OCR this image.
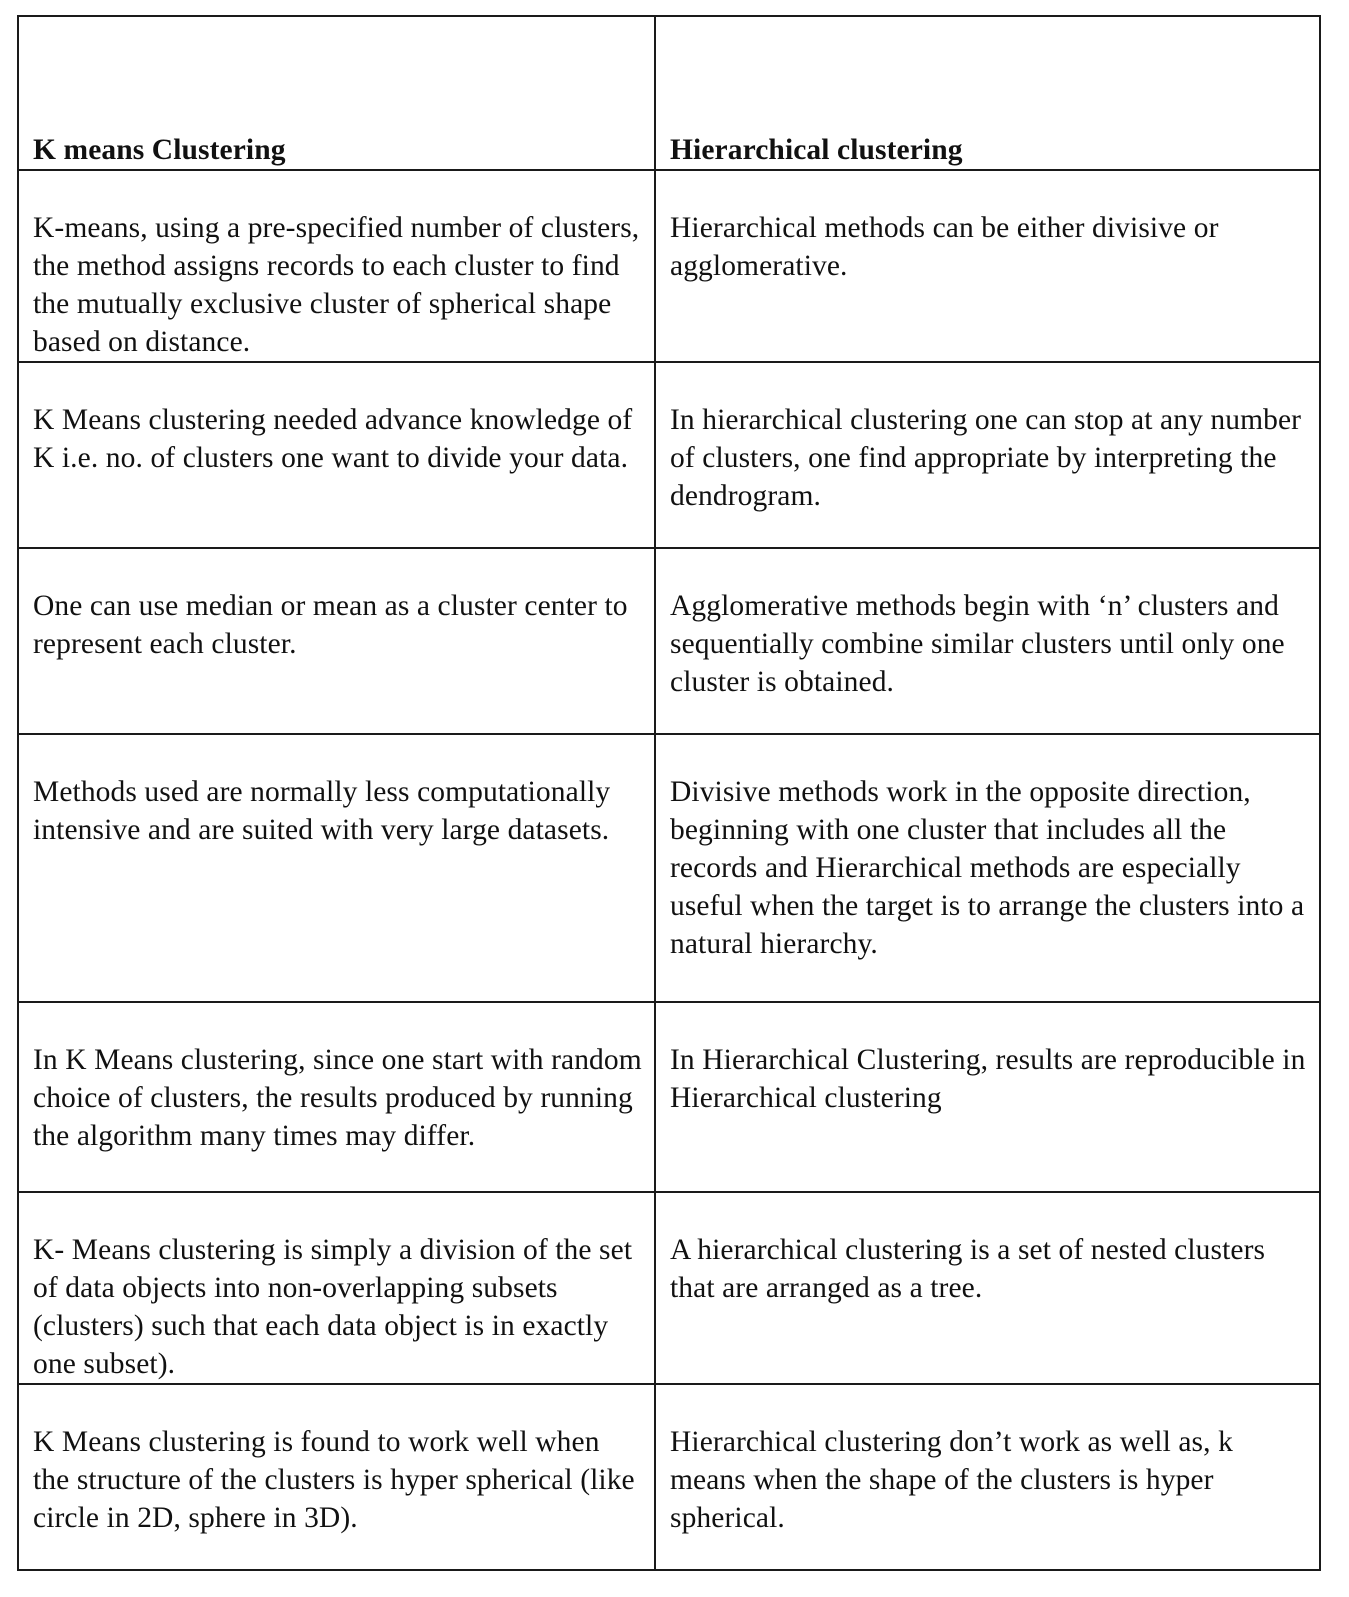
K means Clustering	Hierarchical clustering

K-means, using a pre-specified number of clusters, the method assigns records to each cluster to find the mutually exclusive cluster of spherical shape based on distance.	Hierarchical methods can be either divisive or agglomerative.

K Means clustering needed advance knowledge of K i.e. no. of clusters one want to divide your data.	In hierarchical clustering one can stop at any number of clusters, one find appropriate by interpreting the dendrogram.

One can use median or mean as a cluster center to represent each cluster.	Agglomerative methods begin with ‘n’ clusters and sequentially combine similar clusters until only one cluster is obtained.

Methods used are normally less computationally intensive and are suited with very large datasets.	Divisive methods work in the opposite direction, beginning with one cluster that includes all the records and Hierarchical methods are especially useful when the target is to arrange the clusters into a natural hierarchy.

In K Means clustering, since one start with random choice of clusters, the results produced by running the algorithm many times may differ.	In Hierarchical Clustering, results are reproducible in Hierarchical clustering

K- Means clustering is simply a division of the set of data objects into non-overlapping subsets (clusters) such that each data object is in exactly one subset).	A hierarchical clustering is a set of nested clusters that are arranged as a tree.

K Means clustering is found to work well when the structure of the clusters is hyper spherical (like circle in 2D, sphere in 3D).	Hierarchical clustering don’t work as well as, k means when the shape of the clusters is hyper spherical.
